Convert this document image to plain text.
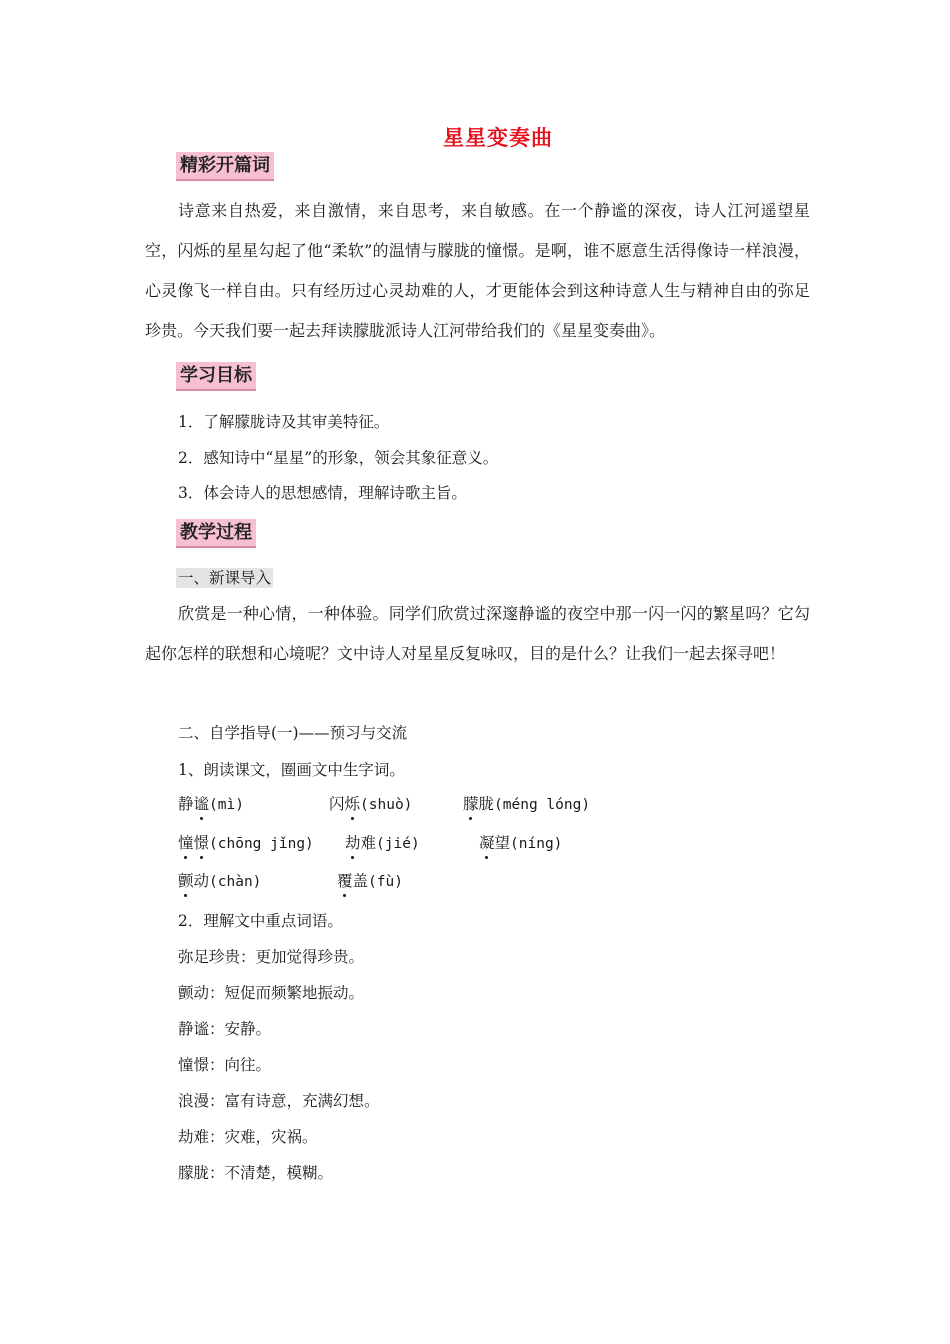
星星变奏曲
精彩开篇词
诗意来自热爱，来自激情，来自思考，来自敏感。在一个静谧的深夜，诗人江河遥望星空，闪烁的星星勾起了他“柔软”的温情与朦胧的憧憬。是啊，谁不愿意生活得像诗一样浪漫，心灵像飞一样自由。只有经历过心灵劫难的人，才更能体会到这种诗意人生与精神自由的弥足珍贵。今天我们要一起去拜读朦胧派诗人江河带给我们的《星星变奏曲》。
学习目标
1．了解朦胧诗及其审美特征。
2．感知诗中“星星”的形象，领会其象征意义。
3．体会诗人的思想感情，理解诗歌主旨。
教学过程
一、新课导入
欣赏是一种心情，一种体验。同学们欣赏过深邃静谧的夜空中那一闪一闪的繁星吗？它勾起你怎样的联想和心境呢？文中诗人对星星反复咏叹，目的是什么？让我们一起去探寻吧！
二、自学指导(一)——预习与交流
1、朗读课文，圈画文中生字词。
静谧(mì)	闪烁(shuò)	朦胧(méng lóng)
憧憬(chōng jǐng) 劫难(jié)	凝望(níng)
颤动(chàn)	覆盖(fù)
2．理解文中重点词语。
弥足珍贵：更加觉得珍贵。
颤动：短促而频繁地振动。
静谧：安静。
憧憬：向往。
浪漫：富有诗意，充满幻想。
劫难：灾难，灾祸。
朦胧：不清楚，模糊。
